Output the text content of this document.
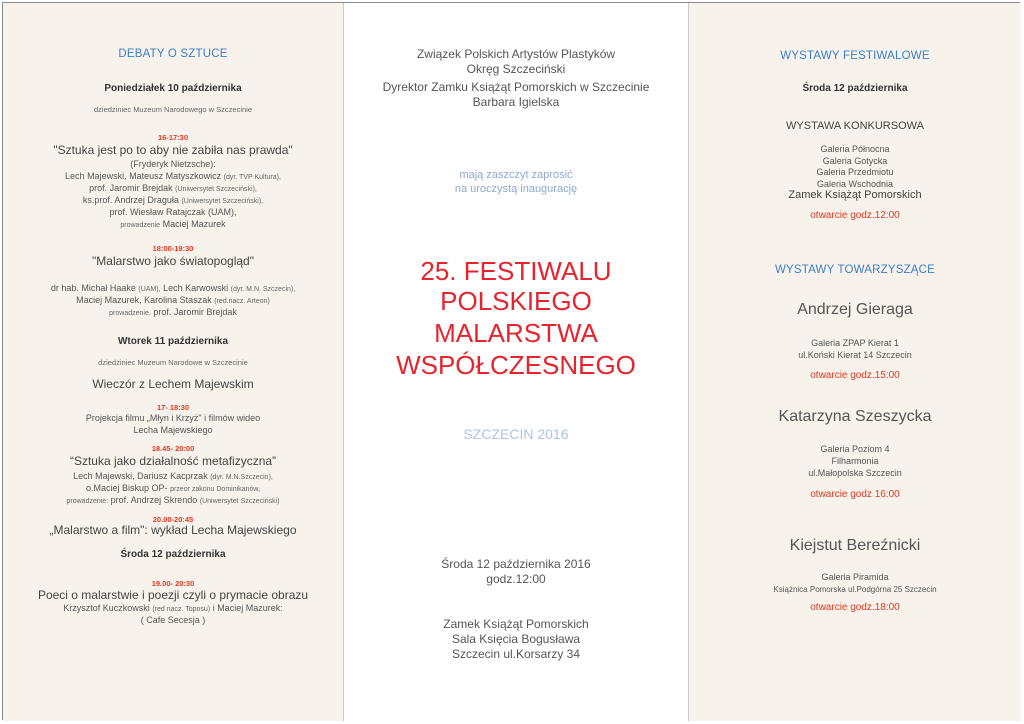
DEBATY O SZTUCE
Poniedziałek 10 października
dziedziniec Muzeum Narodowego w Szczecinie
16-17:30
"Sztuka jest po to aby nie zabiła nas prawda"
(Fryderyk Nietzsche):
Lech Majewski, Mateusz Matyszkowicz (dyr. TVP Kultura),
prof. Jaromir Brejdak (Uniwersytet Szczeciński),
ks.prof. Andrzej Draguła (Uniwersytet Szczeciński),
prof. Wiesław Ratajczak (UAM),
prowadzenie Maciej Mazurek
18:00-19:30
"Malarstwo jako światopogląd"
dr hab. Michał Haake (UAM), Lech Karwowski (dyr. M.N. Szczecin),
Maciej Mazurek, Karolina Staszak (red.nacz. Arteon)
prowadzenie. prof. Jaromir Brejdak
Wtorek 11 października
dziedziniec Muzeum Narodowe w Szczecinie
Wieczór z Lechem Majewskim
17- 18:30
Projekcja filmu „Młyn i Krzyż" i filmów wideo
Lecha Majewskiego
18.45- 20:00
“Sztuka jako działalność metafizyczna”
Lech Majewski, Dariusz Kacprzak (dyr. M.N.Szczecin),
o.Maciej Biskup OP- przeor zakonu Dominikanów,
prowadzenie: prof. Andrzej Skrendo (Uniwersytet Szczeciński)
20.00-20:45
„Malarstwo a film": wykład Lecha Majewskiego
Środa 12 października
19.00- 20:30
Poeci o malarstwie i poezji czyli o prymacie obrazu
Krzysztof Kuczkowski (red nacz. Toposu) i Maciej Mazurek:
( Cafe Secesja )
Związek Polskich Artystów Plastyków
Okręg Szczeciński
Dyrektor Zamku Książąt Pomorskich w Szczecinie
Barbara Igielska
mają zaszczyt zaprosić
na uroczystą inaugurację
25. FESTIWALU
POLSKIEGO
MALARSTWA
WSPÓŁCZESNEGO
SZCZECIN 2016
Środa 12 października 2016
godz.12:00
Zamek Książąt Pomorskich
Sala Księcia Bogusława
Szczecin ul.Korsarzy 34
WYSTAWY FESTIWALOWE
Środa 12 października
WYSTAWA KONKURSOWA
Galeria Północna
Galeria Gotycka
Galeria Przedmiotu
Galeria Wschodnia
Zamek Książąt Pomorskich
otwarcie godz.12:00
WYSTAWY TOWARZYSZĄCE
Andrzej Gieraga
Galeria ZPAP Kierat 1
ul.Koński Kierat 14 Szczecin
otwarcie godz.15:00
Katarzyna Szeszycka
Galeria Poziom 4
Filharmonia
ul.Małopolska Szczecin
otwarcie godz 16:00
Kiejstut Bereźnicki
Galeria Piramida
Książnica Pomorska ul.Podgórna 25 Szczecin
otwarcie godz.18:00
